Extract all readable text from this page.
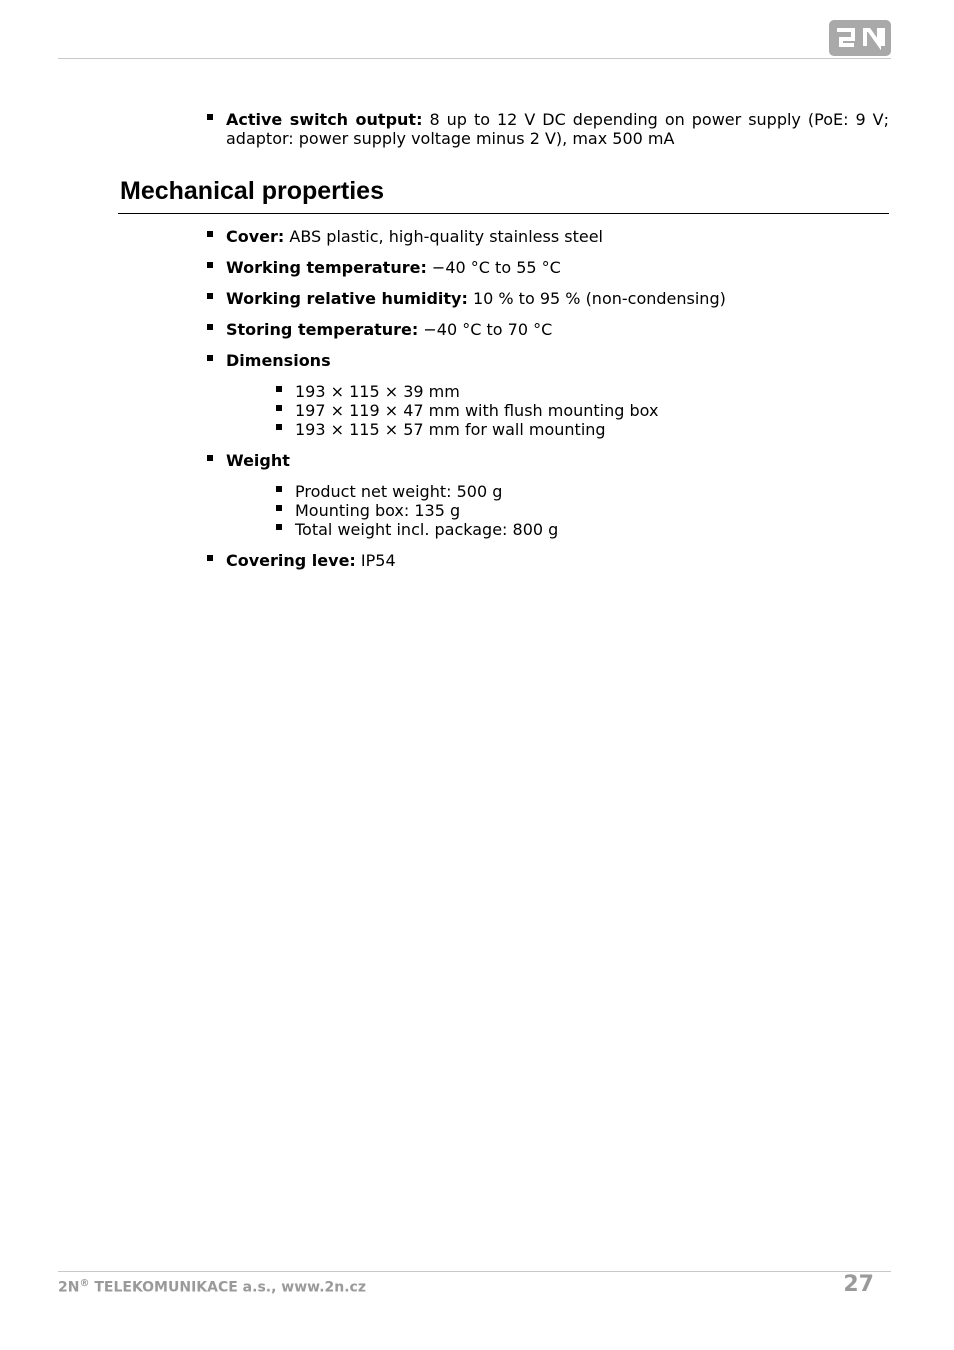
Active switch output: 8 up to 12 V DC depending on power supply (PoE: 9 V; adaptor: power supply voltage minus 2 V), max 500 mA
Mechanical properties
Cover: ABS plastic, high-quality stainless steel
Working temperature: −40 °C to 55 °C
Working relative humidity: 10 % to 95 % (non-condensing)
Storing temperature: −40 °C to 70 °C
Dimensions
193 × 115 × 39 mm
197 × 119 × 47 mm with flush mounting box
193 × 115 × 57 mm for wall mounting
Weight
Product net weight: 500 g
Mounting box: 135 g
Total weight incl. package: 800 g
Covering leve: IP54
2N® TELEKOMUNIKACE a.s., www.2n.cz	27
